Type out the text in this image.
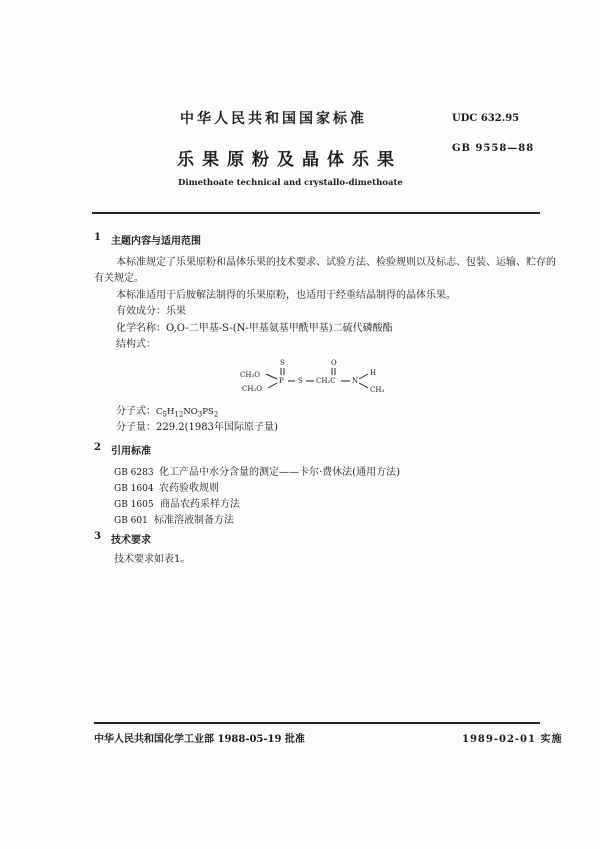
中华人民共和国国家标准	UDC 632.95
乐果原粉及晶体乐果
GB 9558—88
Dimethoate technical and crystallo-dimethoate
1 主题内容与适用范围
本标准规定了乐果原粉和晶体乐果的技术要求、试验方法、检验规则以及标志、包装、运输、贮存的
有关规定。
本标准适用于后胺解法制得的乐果原粉，也适用于经重结晶制得的晶体乐果。
有效成分：乐果
化学名称：O,O-二甲基-S-(N-甲基氨基甲酰甲基)二硫代磷酸酯
结构式：
S
P
CH₃O
CH₃O
S CH₂C
O
N
H
CH₃
分子式：$C_5H_{12}NO_3PS_2$
分子量：229.2(1983年国际原子量)
2 引用标准
GB 6283 化工产品中水分含量的测定——卡尔·费休法(通用方法)
GB 1604 农药验收规则
GB 1605 商品农药采样方法
GB 601 标准溶液制备方法
3 技术要求
技术要求如表1。
中华人民共和国化学工业部 1988-05-19 批准	1989-02-01 实施
